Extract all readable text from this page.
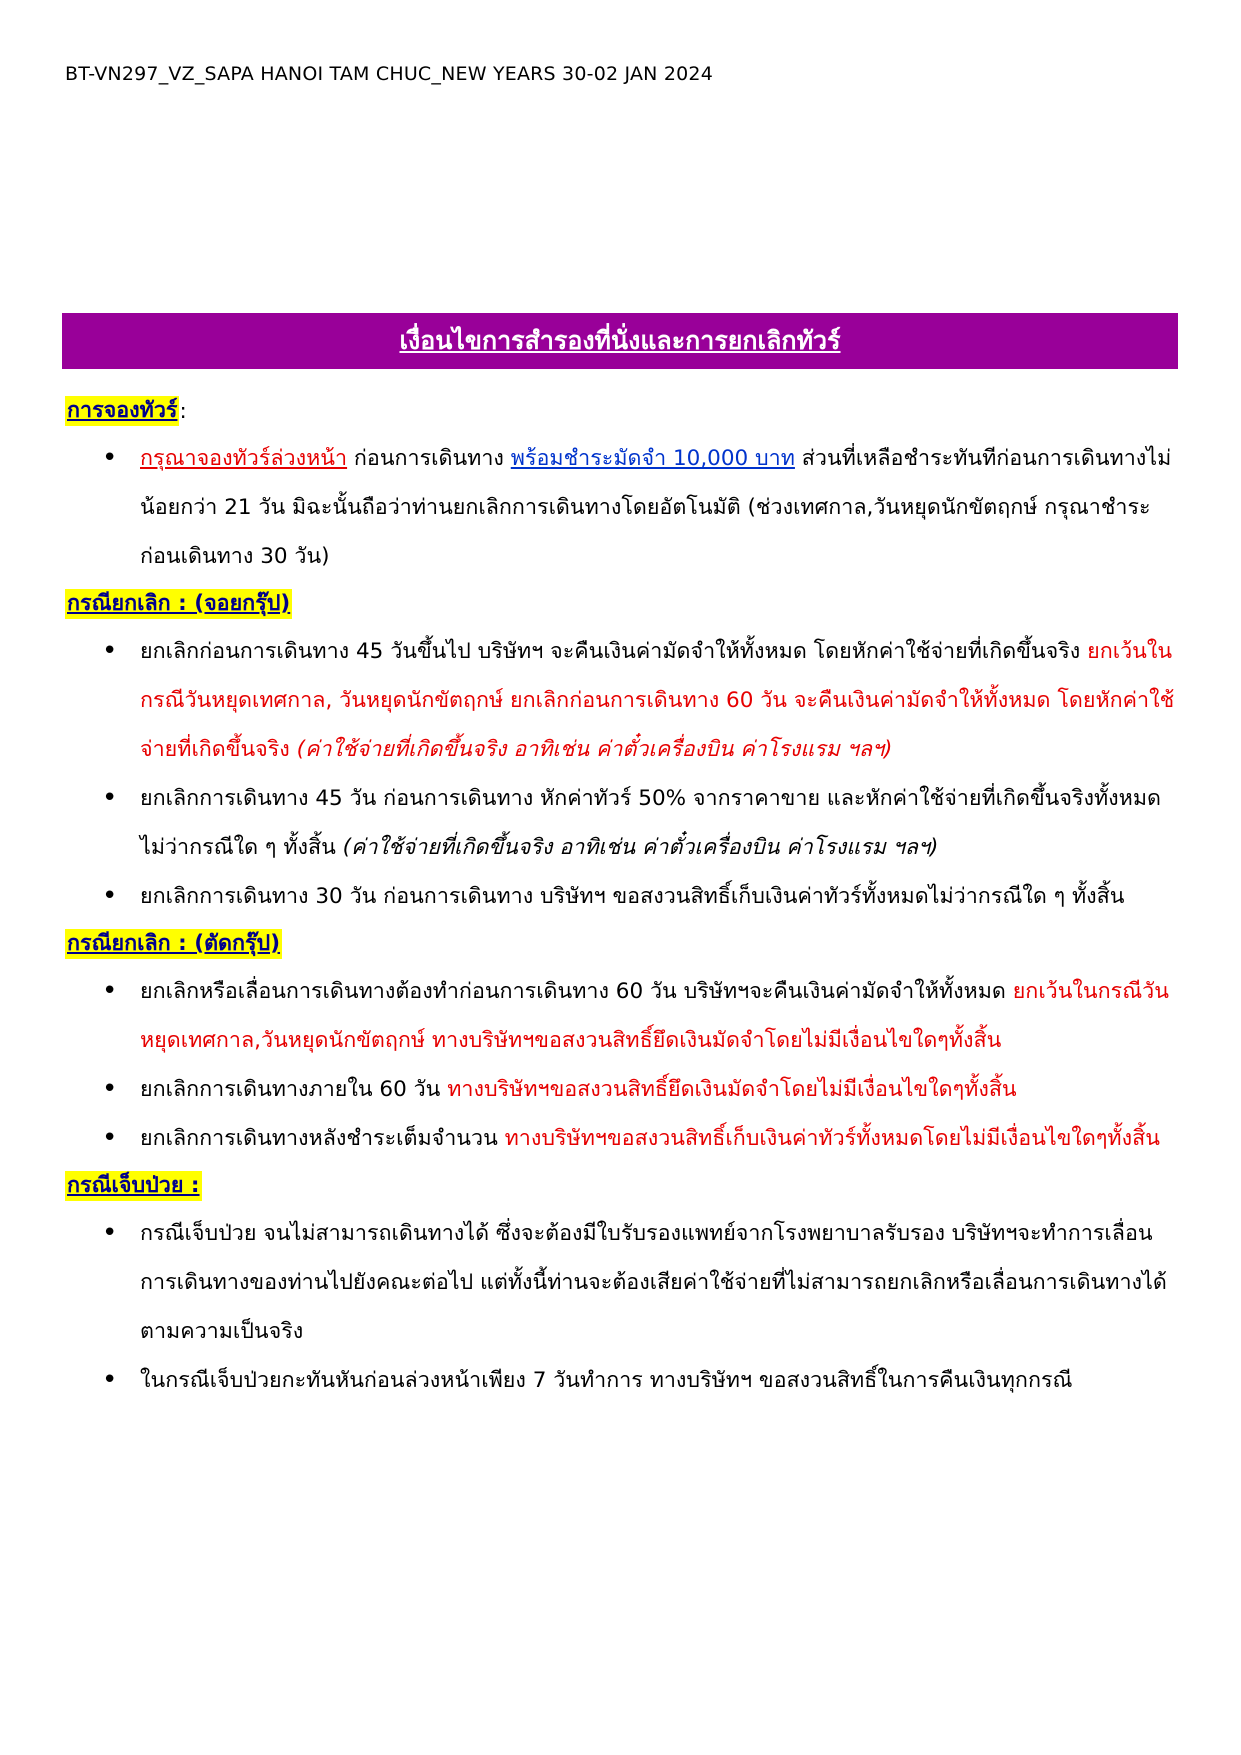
BT-VN297_VZ_SAPA HANOI TAM CHUC_NEW YEARS 30-02 JAN 2024
เงื่อนไขการสำรองที่นั่งและการยกเลิกทัวร์
การจองทัวร์ :
• กรุณาจองทัวร์ล่วงหน้า ก่อนการเดินทาง พร้อมชำระมัดจำ 10,000 บาท ส่วนที่เหลือชำระทันทีก่อนการเดินทางไม่น้อยกว่า 21 วัน มิฉะนั้นถือว่าท่านยกเลิกการเดินทางโดยอัตโนมัติ (ช่วงเทศกาล,วันหยุดนักขัตฤกษ์ กรุณาชำระก่อนเดินทาง 30 วัน)
กรณียกเลิก : (จอยกรุ๊ป)
• ยกเลิกก่อนการเดินทาง 45 วันขึ้นไป บริษัทฯ จะคืนเงินค่ามัดจำให้ทั้งหมด โดยหักค่าใช้จ่ายที่เกิดขึ้นจริง ยกเว้นในกรณีวันหยุดเทศกาล, วันหยุดนักขัตฤกษ์ ยกเลิกก่อนการเดินทาง 60 วัน จะคืนเงินค่ามัดจำให้ทั้งหมด โดยหักค่าใช้จ่ายที่เกิดขึ้นจริง (ค่าใช้จ่ายที่เกิดขึ้นจริง อาทิเช่น ค่าตั๋วเครื่องบิน ค่าโรงแรม ฯลฯ)
• ยกเลิกการเดินทาง 45 วัน ก่อนการเดินทาง หักค่าทัวร์ 50% จากราคาขาย และหักค่าใช้จ่ายที่เกิดขึ้นจริงทั้งหมดไม่ว่ากรณีใด ๆ ทั้งสิ้น (ค่าใช้จ่ายที่เกิดขึ้นจริง อาทิเช่น ค่าตั๋วเครื่องบิน ค่าโรงแรม ฯลฯ)
• ยกเลิกการเดินทาง 30 วัน ก่อนการเดินทาง บริษัทฯ ขอสงวนสิทธิ์เก็บเงินค่าทัวร์ทั้งหมดไม่ว่ากรณีใด ๆ ทั้งสิ้น
กรณียกเลิก : (ตัดกรุ๊ป)
• ยกเลิกหรือเลื่อนการเดินทางต้องทำก่อนการเดินทาง 60 วัน บริษัทฯจะคืนเงินค่ามัดจำให้ทั้งหมด ยกเว้นในกรณีวันหยุดเทศกาล,วันหยุดนักขัตฤกษ์ ทางบริษัทฯขอสงวนสิทธิ์ยึดเงินมัดจำโดยไม่มีเงื่อนไขใดๆทั้งสิ้น
• ยกเลิกการเดินทางภายใน 60 วัน ทางบริษัทฯขอสงวนสิทธิ์ยึดเงินมัดจำโดยไม่มีเงื่อนไขใดๆทั้งสิ้น
• ยกเลิกการเดินทางหลังชำระเต็มจำนวน ทางบริษัทฯขอสงวนสิทธิ์เก็บเงินค่าทัวร์ทั้งหมดโดยไม่มีเงื่อนไขใดๆทั้งสิ้น
กรณีเจ็บป่วย :
• กรณีเจ็บป่วย จนไม่สามารถเดินทางได้ ซึ่งจะต้องมีใบรับรองแพทย์จากโรงพยาบาลรับรอง บริษัทฯจะทำการเลื่อนการเดินทางของท่านไปยังคณะต่อไป แต่ทั้งนี้ท่านจะต้องเสียค่าใช้จ่ายที่ไม่สามารถยกเลิกหรือเลื่อนการเดินทางได้ตามความเป็นจริง
• ในกรณีเจ็บป่วยกะทันหันก่อนล่วงหน้าเพียง 7 วันทำการ ทางบริษัทฯ ขอสงวนสิทธิ์ในการคืนเงินทุกกรณี
